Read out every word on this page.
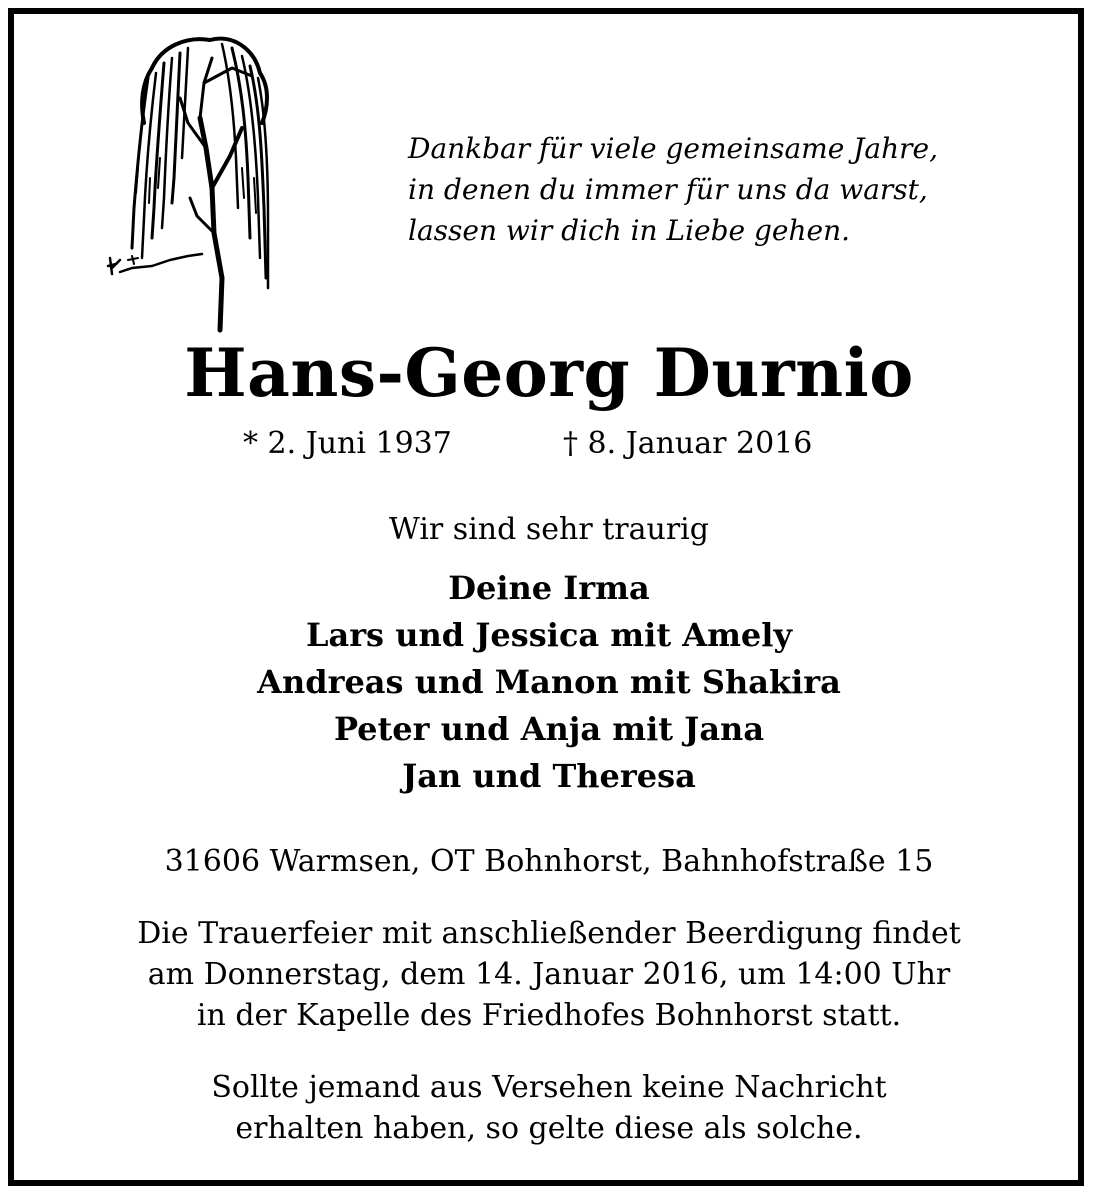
Dankbar für viele gemeinsame Jahre,
in denen du immer für uns da warst,
lassen wir dich in Liebe gehen.
Hans-Georg Durnio
* 2. Juni 1937	† 8. Januar 2016
Wir sind sehr traurig
Deine Irma
Lars und Jessica mit Amely
Andreas und Manon mit Shakira
Peter und Anja mit Jana
Jan und Theresa
31606 Warmsen, OT Bohnhorst, Bahnhofstraße 15
Die Trauerfeier mit anschließender Beerdigung findet
am Donnerstag, dem 14. Januar 2016, um 14:00 Uhr
in der Kapelle des Friedhofes Bohnhorst statt.
Sollte jemand aus Versehen keine Nachricht
erhalten haben, so gelte diese als solche.
